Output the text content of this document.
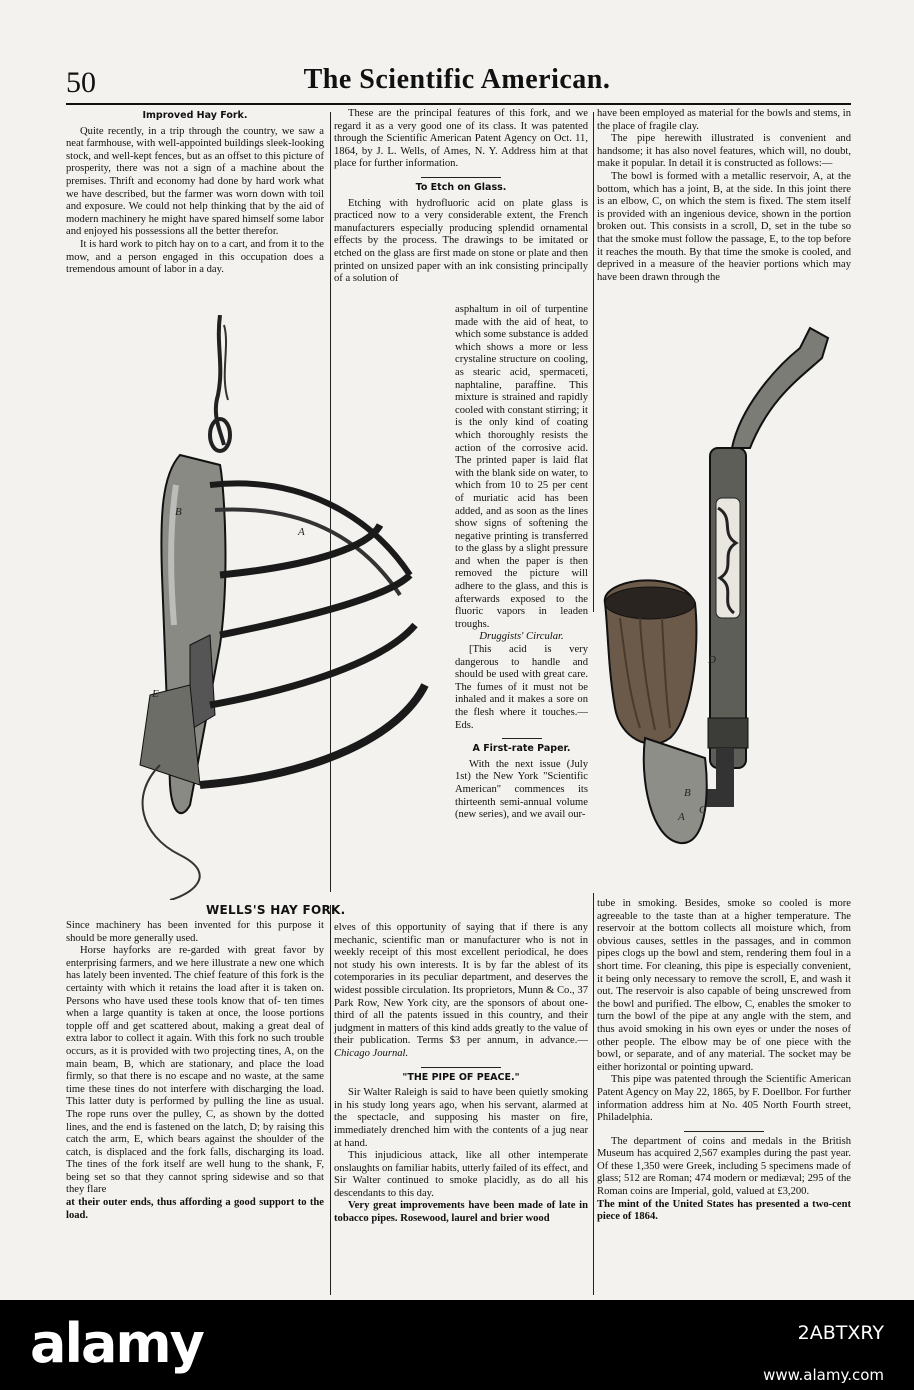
50	The Scientific American.
Improved Hay Fork.

Quite recently, in a trip through the country, we saw a neat farmhouse, with well-appointed buildings sleek-looking stock, and well-kept fences, but as an offset to this picture of prosperity, there was not a sign of a machine about the premises. Thrift and economy had done by hard work what we have described, but the farmer was worn down with toil and exposure. We could not help thinking that by the aid of modern machinery he might have spared himself some labor and enjoyed his possessions all the better therefor.

It is hard work to pitch hay on to a cart, and from it to the mow, and a person engaged in this occupation does a tremendous amount of labor in a day.

B
A
E
WELLS'S HAY FORK.

Since machinery has been invented for this purpose it should be more generally used.

Horse hayforks are re-garded with great favor by enterprising farmers, and we here illustrate a new one which has lately been invented. The chief feature of this fork is the certainty with which it retains the load after it is taken on. Persons who have used these tools know that of- ten times when a large quantity is taken at once, the loose portions topple off and get scattered about, making a great deal of extra labor to collect it again. With this fork no such trouble occurs, as it is provided with two projecting tines, A, on the main beam, B, which are stationary, and place the load firmly, so that there is no escape and no waste, at the same time these tines do not interfere with discharging the load. This latter duty is performed by pulling the line as usual. The rope runs over the pulley, C, as shown by the dotted lines, and the end is fastened on the latch, D; by raising this catch the arm, E, which bears against the shoulder of the catch, is displaced and the fork falls, discharging its load. The tines of the fork itself are well hung to the shank, F, being set so that they cannot spring sidewise and so that they flare

at their outer ends, thus affording a good support to the load.

These are the principal features of this fork, and we regard it as a very good one of its class. It was patented through the Scientific American Patent Agency on Oct. 11, 1864, by J. L. Wells, of Ames, N. Y. Address him at that place for further information.

To Etch on Glass.

Etching with hydrofluoric acid on plate glass is practiced now to a very considerable extent, the French manufacturers especially producing splendid ornamental effects by the process. The drawings to be imitated or etched on the glass are first made on stone or plate and then printed on unsized paper with an ink consisting principally of a solution of

asphaltum in oil of turpentine made with the aid of heat, to which some substance is added which shows a more or less crystaline structure on cooling, as stearic acid, spermaceti, naphtaline, paraffine. This mixture is strained and rapidly cooled with constant stirring; it is the only kind of coating which thoroughly resists the action of the corrosive acid. The printed paper is laid flat with the blank side on water, to which from 10 to 25 per cent of muriatic acid has been added, and as soon as the lines show signs of softening the negative printing is transferred to the glass by a slight pressure and when the paper is then removed the picture will adhere to the glass, and this is afterwards exposed to the fluoric vapors in leaden troughs.

Druggists' Circular.

[This acid is very dangerous to handle and should be used with great care. The fumes of it must not be inhaled and it makes a sore on the flesh where it touches.—Eds.

A First-rate Paper.

With the next issue (July 1st) the New York "Scientific American" commences its thirteenth semi-annual volume (new series), and we avail our-

elves of this opportunity of saying that if there is any mechanic, scientific man or manufacturer who is not in weekly receipt of this most excellent periodical, he does not study his own interests. It is by far the ablest of its cotemporaries in its peculiar department, and deserves the widest possible circulation. Its proprietors, Munn & Co., 37 Park Row, New York city, are the sponsors of about one-third of all the patents issued in this country, and their judgment in matters of this kind adds greatly to the value of their publication. Terms $3 per annum, in advance.—Chicago Journal.

"THE PIPE OF PEACE."

Sir Walter Raleigh is said to have been quietly smoking in his study long years ago, when his servant, alarmed at the spectacle, and supposing his master on fire, immediately drenched him with the contents of a jug near at hand.

This injudicious attack, like all other intemperate onslaughts on familiar habits, utterly failed of its effect, and Sir Walter continued to smoke placidly, as do all his descendants to this day.

Very great improvements have been made of late in tobacco pipes. Rosewood, laurel and brier wood

have been employed as material for the bowls and stems, in the place of fragile clay.

The pipe herewith illustrated is convenient and handsome; it has also novel features, which will, no doubt, make it popular. In detail it is constructed as follows:—

The bowl is formed with a metallic reservoir, A, at the bottom, which has a joint, B, at the side. In this joint there is an elbow, C, on which the stem is fixed. The stem itself is provided with an ingenious device, shown in the portion broken out. This consists in a scroll, D, set in the tube so that the smoke must follow the passage, E, to the top before it reaches the mouth. By that time the smoke is cooled, and deprived in a measure of the heavier portions which may have been drawn through the

D
B
C
A

tube in smoking. Besides, smoke so cooled is more agreeable to the taste than at a higher temperature. The reservoir at the bottom collects all moisture which, from obvious causes, settles in the passages, and in common pipes clogs up the bowl and stem, rendering them foul in a short time. For cleaning, this pipe is especially convenient, it being only necessary to remove the scroll, E, and wash it out. The reservoir is also capable of being unscrewed from the bowl and purified. The elbow, C, enables the smoker to turn the bowl of the pipe at any angle with the stem, and thus avoid smoking in his own eyes or under the noses of other people. The elbow may be of one piece with the bowl, or separate, and of any material. The socket may be either horizontal or pointing upward.

This pipe was patented through the Scientific American Patent Agency on May 22, 1865, by F. Doellbor. For further information address him at No. 405 North Fourth street, Philadelphia.

The department of coins and medals in the British Museum has acquired 2,567 examples during the past year. Of these 1,350 were Greek, including 5 specimens made of glass; 512 are Roman; 474 modern or mediæval; 295 of the Roman coins are Imperial, gold, valued at £3,200.

The mint of the United States has presented a two-cent piece of 1864.

alamy	2ABTXRY
www.alamy.com
